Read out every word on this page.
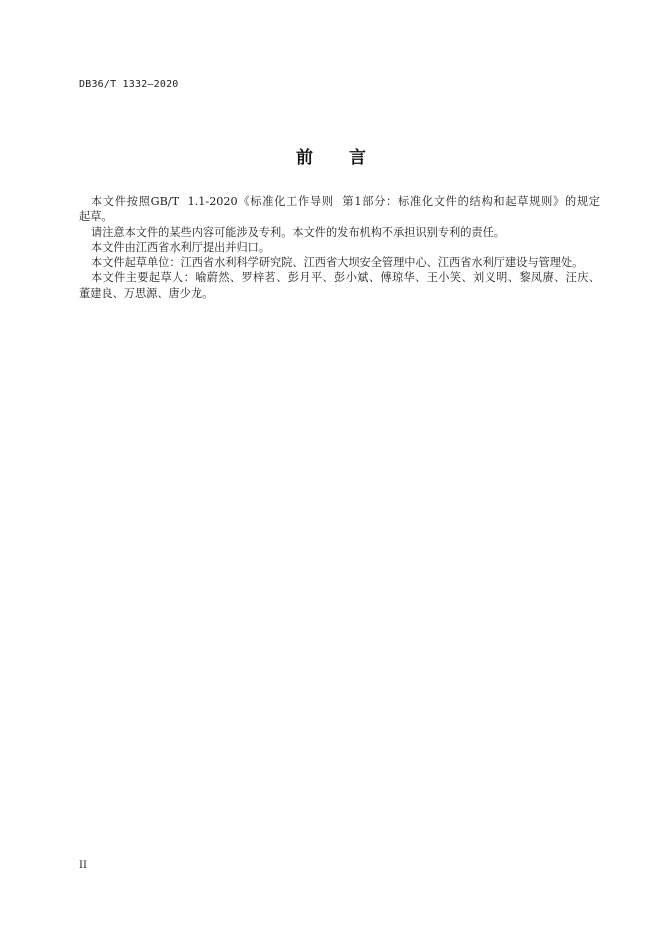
DB36/T 1332—2020
前 言
本文件按照GB/T  1.1-2020《标准化工作导则  第1部分：标准化文件的结构和起草规则》的规定
起草。
请注意本文件的某些内容可能涉及专利。本文件的发布机构不承担识别专利的责任。
本文件由江西省水利厅提出并归口。
本文件起草单位：江西省水利科学研究院、江西省大坝安全管理中心、江西省水利厅建设与管理处。
本文件主要起草人：喻蔚然、罗梓茗、彭月平、彭小斌、傅琼华、王小笑、刘义明、黎凤赓、汪庆、
董建良、万思源、唐少龙。
II
